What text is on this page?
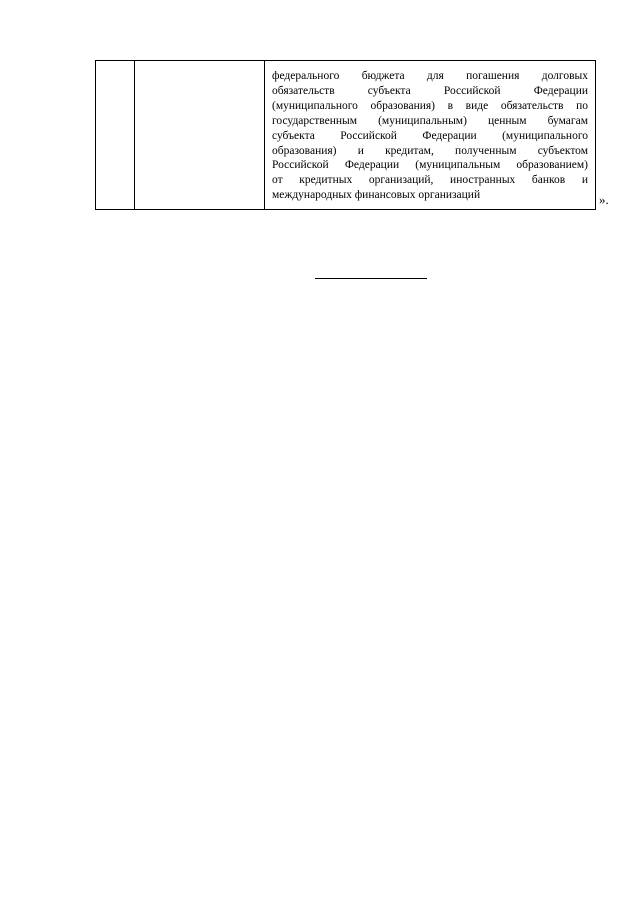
федерального бюджета для погашения долговых
обязательств субъекта Российской Федерации
(муниципального образования) в виде обязательств по
государственным (муниципальным) ценным бумагам
субъекта Российской Федерации (муниципального
образования) и кредитам, полученным субъектом
Российской Федерации (муниципальным образованием)
от кредитных организаций, иностранных банков и
международных финансовых организаций	».
